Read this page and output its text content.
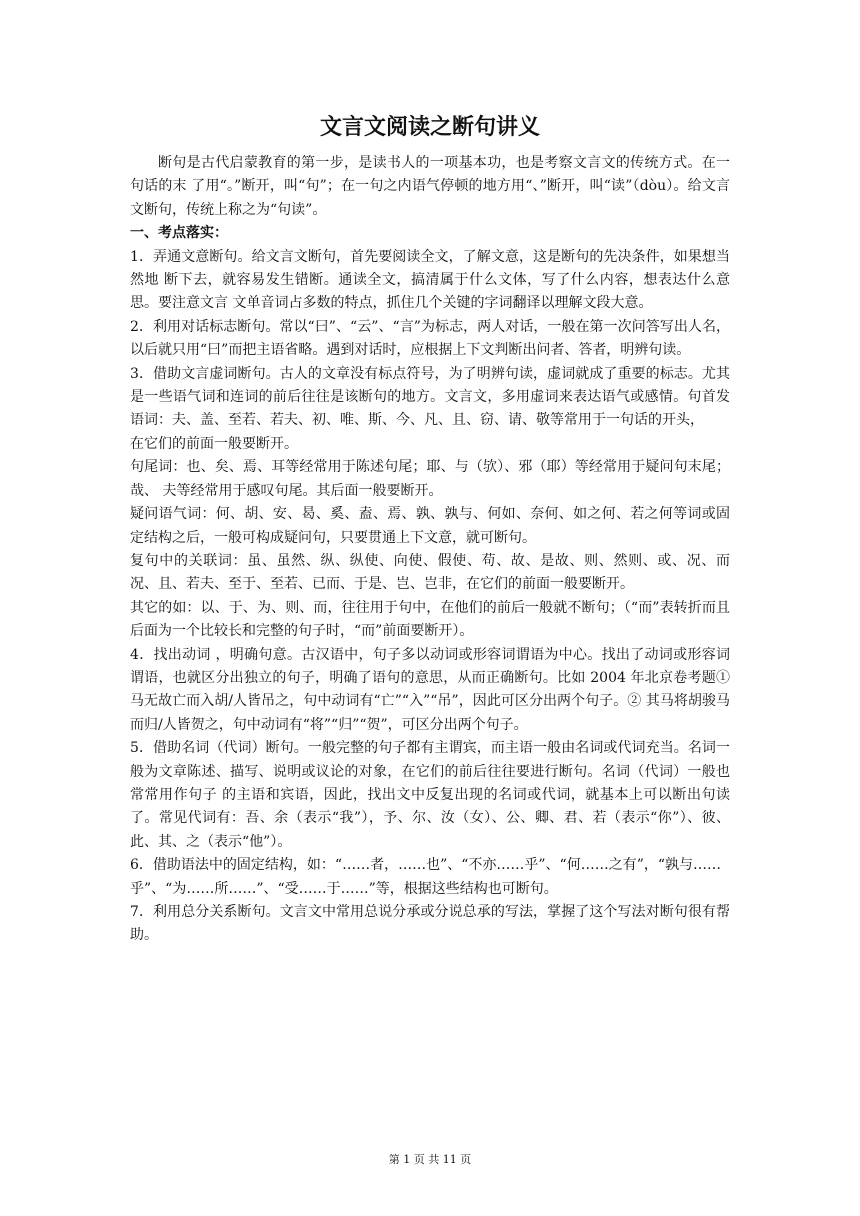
文言文阅读之断句讲义

断句是古代启蒙教育的第一步，是读书人的一项基本功，也是考察文言文的传统方式。在一句话的末 了用“。”断开，叫“句”；在一句之内语气停顿的地方用“、”断开，叫“读”（dòu）。给文言文断句，传统上称之为“句读”。

一、考点落实：

1．弄通文意断句。给文言文断句，首先要阅读全文，了解文意，这是断句的先决条件，如果想当然地 断下去，就容易发生错断。通读全文，搞清属于什么文体，写了什么内容，想表达什么意思。要注意文言 文单音词占多数的特点，抓住几个关键的字词翻译以理解文段大意。

2．利用对话标志断句。常以“曰”、“云”、“言”为标志，两人对话，一般在第一次问答写出人名， 以后就只用“曰”而把主语省略。遇到对话时，应根据上下文判断出问者、答者，明辨句读。

3．借助文言虚词断句。古人的文章没有标点符号，为了明辨句读，虚词就成了重要的标志。尤其是一些语气词和连词的前后往往是该断句的地方。文言文，多用虚词来表达语气或感情。句首发语词：夫、盖、至若、若夫、初、唯、斯、今、凡、且、窃、请、敬等常用于一句话的开头，

在它们的前面一般要断开。

句尾词：也、矣、焉、耳等经常用于陈述句尾；耶、与（欤）、邪（耶）等经常用于疑问句末尾；哉、 夫等经常用于感叹句尾。其后面一般要断开。

疑问语气词：何、胡、安、曷、奚、盍、焉、孰、孰与、何如、奈何、如之何、若之何等词或固定结构之后，一般可构成疑问句，只要贯通上下文意，就可断句。

复句中的关联词：虽、虽然、纵、纵使、向使、假使、苟、故、是故、则、然则、或、况、而况、且、若夫、至于、至若、已而、于是、岂、岂非，在它们的前面一般要断开。

其它的如：以、于、为、则、而，往往用于句中，在他们的前后一般就不断句；（“而”表转折而且后面为一个比较长和完整的句子时，“而”前面要断开）。

4．找出动词 ，明确句意。古汉语中，句子多以动词或形容词谓语为中心。找出了动词或形容词谓语，也就区分出独立的句子，明确了语句的意思，从而正确断句。比如 2004 年北京卷考题① 马无故亡而入胡/人皆吊之，句中动词有“亡”“入”“吊”，因此可区分出两个句子。② 其马将胡骏马而归/人皆贺之，句中动词有“将”“归”“贺”，可区分出两个句子。

5．借助名词（代词）断句。一般完整的句子都有主谓宾，而主语一般由名词或代词充当。名词一般为文章陈述、描写、说明或议论的对象，在它们的前后往往要进行断句。名词（代词）一般也常常用作句子 的主语和宾语，因此，找出文中反复出现的名词或代词，就基本上可以断出句读了。常见代词有：吾、余（表示“我”），予、尔、汝（女）、公、卿、君、若（表示“你”）、彼、此、其、之（表示“他”）。

6．借助语法中的固定结构，如：“……者，……也”、“不亦……乎”、“何……之有”，“孰与……

乎”、“为……所……”、“受……于……”等，根据这些结构也可断句。

7．利用总分关系断句。文言文中常用总说分承或分说总承的写法，掌握了这个写法对断句很有帮助。

第 1 页 共 11 页
